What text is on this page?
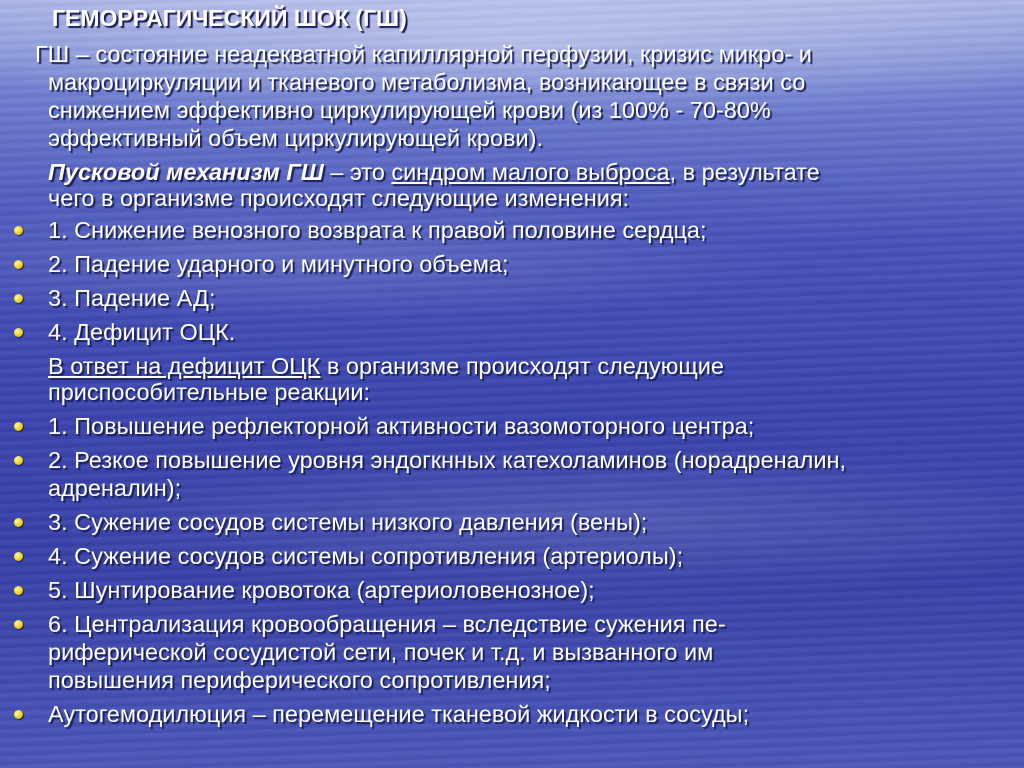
ГЕМОРРАГИЧЕСКИЙ ШОК (ГШ)
ГШ – состояние неадекватной капиллярной перфузии, кризис микро- и
макроциркуляции и тканевого метаболизма, возникающее в связи со
снижением эффективно циркулирующей крови (из 100% - 70-80%
эффективный объем циркулирующей крови).
Пусковой механизм ГШ – это синдром малого выброса, в результате
чего в организме происходят следующие изменения:
1. Снижение венозного возврата к правой половине сердца;
2. Падение ударного и минутного объема;
3. Падение АД;
4. Дефицит ОЦК.
В ответ на дефицит ОЦК в организме происходят следующие
приспособительные реакции:
1. Повышение рефлекторной активности вазомоторного центра;
2. Резкое повышение уровня эндогкнных катехоламинов (норадреналин,
адреналин);
3. Сужение сосудов системы низкого давления (вены);
4. Сужение сосудов системы сопротивления (артериолы);
5. Шунтирование кровотока (артериоловенозное);
6. Централизация кровообращения – вследствие сужения пе-
риферической сосудистой сети, почек и т.д. и вызванного им
повышения периферического сопротивления;
Аутогемодилюция – перемещение тканевой жидкости в сосуды;
